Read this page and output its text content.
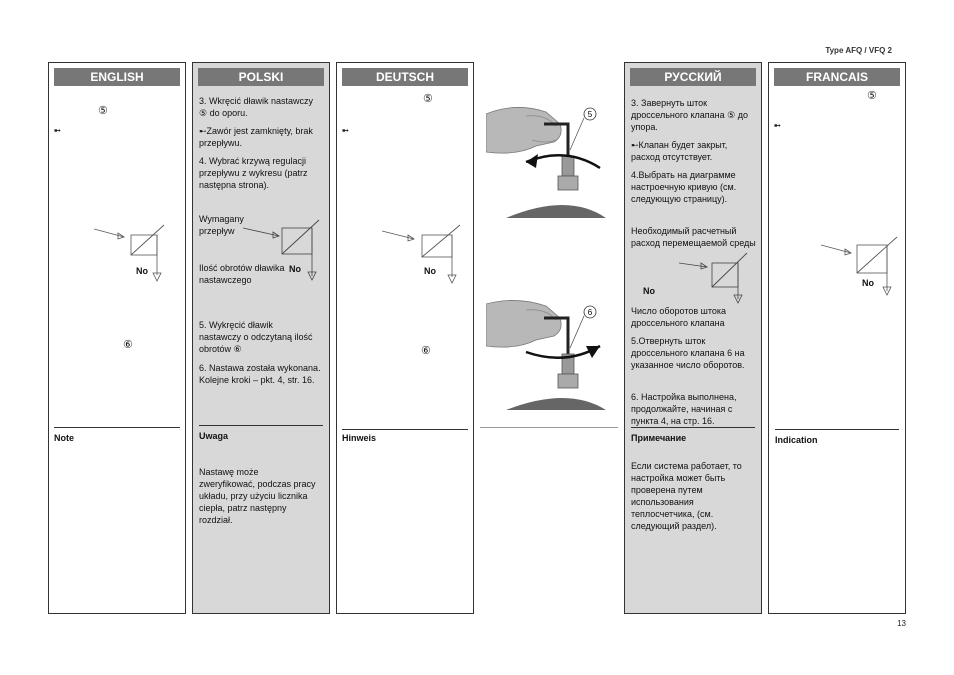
Type AFQ / VFQ 2
ENGLISH
⑤
➸
No
⑥
Note
POLSKI
3. Wkręcić dławik nastawczy ⑤ do oporu.
➸Zawór jest zamknięty, brak przepływu.
4. Wybrać krzywą regulacji przepływu z wykresu (patrz następna strona).
Wymagany przepływ
Ilość obrotów dławika nastawczego
No
5. Wykręcić dławik nastawczy o odczytaną ilość obrotów ⑥
6. Nastawa została wykonana. Kolejne kroki – pkt. 4, str. 16.
Uwaga
Nastawę może zweryfikować, podczas pracy układu, przy użyciu licznika ciepła, patrz następny rozdział.
DEUTSCH
⑤
➸
No
⑥
Hinweis
5
6
РУССКИЙ
3. Завернуть шток дроссельного клапана ⑤ до упора.
➸Клапан будет закрыт, расход отсутствует.
4.Выбрать на диаграмме настроечную кривую (см. следующую страницу).
Необходимый расчетный расход перемещаемой среды
No
Число оборотов штока дроссельного клапана
5.Отвернуть шток дроссельного клапана 6 на указанное число оборотов.
6. Настройка выполнена, продолжайте, начиная с пункта 4, на стр. 16.
Примечание
Если система работает, то настройка может быть проверена путем использования теплосчетчика, (см. следующий раздел).
FRANCAIS
⑤
➸
No
Indication
13
